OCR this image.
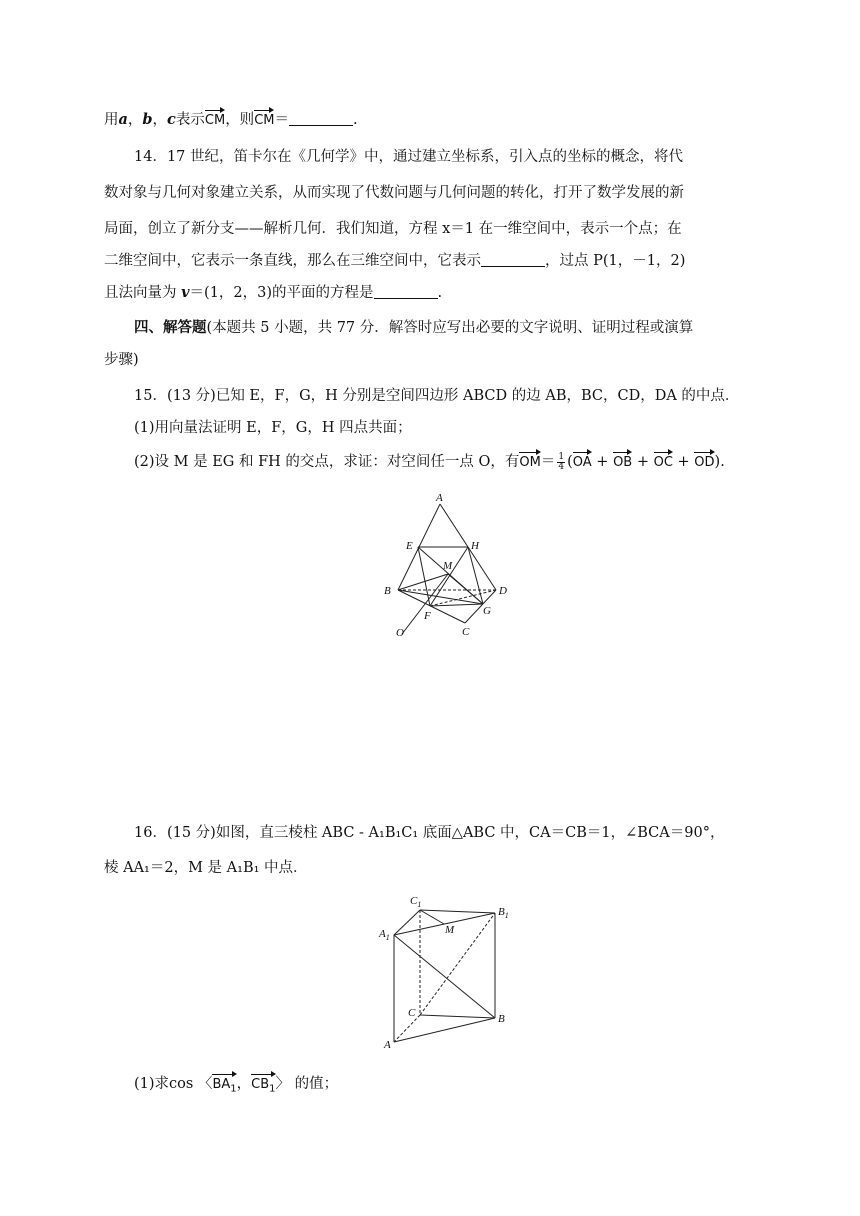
用a，b，c表示CM，则CM＝	.
14．17 世纪，笛卡尔在《几何学》中，通过建立坐标系，引入点的坐标的概念，将代
数对象与几何对象建立关系，从而实现了代数问题与几何问题的转化，打开了数学发展的新
局面，创立了新分支——解析几何．我们知道，方程 x＝1 在一维空间中，表示一个点；在
二维空间中，它表示一条直线，那么在三维空间中，它表示	，过点 P(1，－1，2)
且法向量为 v＝(1，2，3)的平面的方程是	.
四、解答题(本题共 5 小题，共 77 分．解答时应写出必要的文字说明、证明过程或演算
步骤)
15．(13 分)已知 E，F，G，H 分别是空间四边形 ABCD 的边 AB，BC，CD，DA 的中点．
(1)用向量法证明 E，F，G，H 四点共面；
(2)设 M 是 EG 和 FH 的交点，求证：对空间任一点 O，有$OM= \frac{1}{4} (OA$ + OB + OC + OD).
A
E	H
M
B	D
F	G
C
O
16．(15 分)如图，直三棱柱 ABC - A₁B₁C₁ 底面△ABC 中，CA＝CB＝1，∠BCA＝90°，
棱 AA₁＝2，M 是 A₁B₁ 中点．
$C_1$
$B_1$
$A_1$
M
C	B
A
(1)求cos 〈$BA_1$，$CB_1$〉 的值；
